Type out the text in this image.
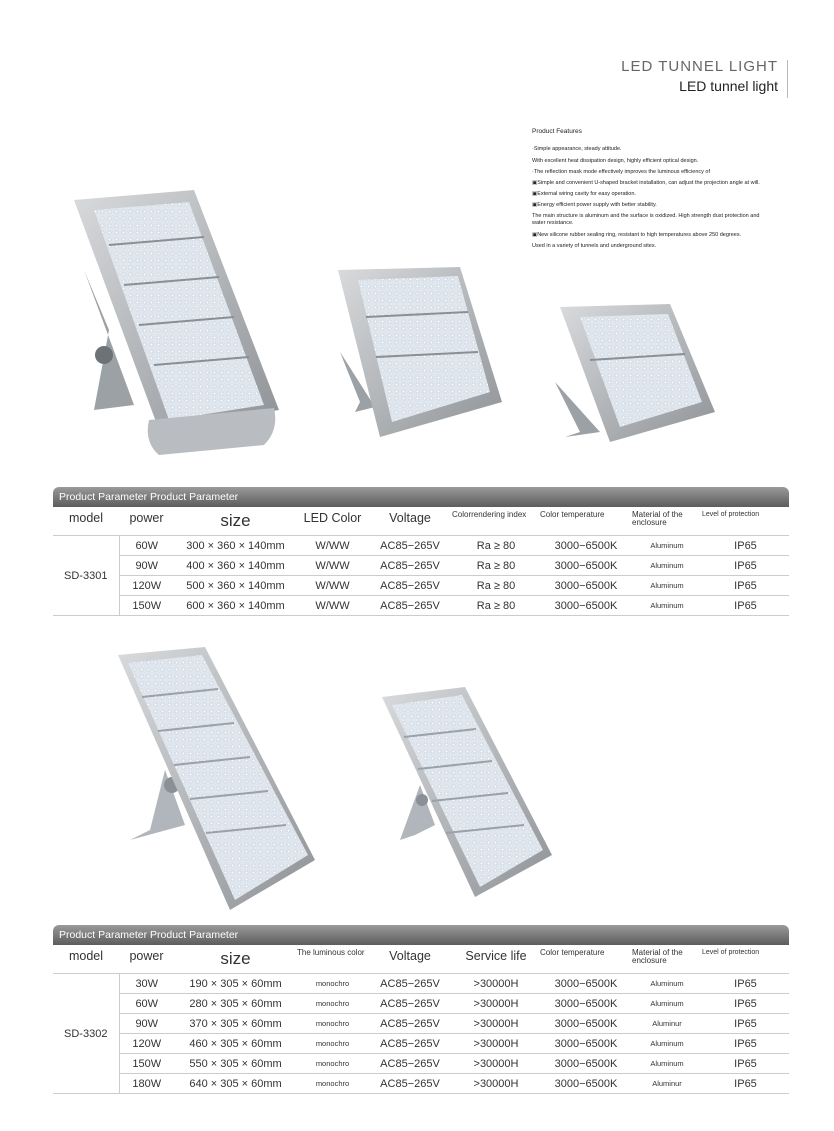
LED TUNNEL LIGHT
LED tunnel light
Product Features
·Simple appearance, steady attitude.
With excellent heat dissipation design, highly efficient optical design.
·The reflection mask mode effectively improves the luminous efficiency of
▣Simple and convenient U-shaped bracket installation, can adjust the projection angle at will.
▣External wiring cavity for easy operation.
▣Energy efficient power supply with better stability.
The main structure is aluminum and the surface is oxidized. High strength dust protection and water resistance.
▣New silicone rubber sealing ring, resistant to high temperatures above 250 degrees.
Used in a variety of tunnels and underground sites.
Product Parameter Product Parameter
model	power	size	LED Color	Voltage	Colorrendering index	Color temperature	Material of the enclosure	Level of protection
SD-3301	60W	300 × 360 × 140mm	W/WW	AC85−265V	Ra ≥ 80	3000−6500K	Aluminum	IP65
	90W	400 × 360 × 140mm	W/WW	AC85−265V	Ra ≥ 80	3000−6500K	Aluminum	IP65
	120W	500 × 360 × 140mm	W/WW	AC85−265V	Ra ≥ 80	3000−6500K	Aluminum	IP65
	150W	600 × 360 × 140mm	W/WW	AC85−265V	Ra ≥ 80	3000−6500K	Aluminum	IP65
Product Parameter Product Parameter
model	power	size	The luminous color	Voltage	Service life	Color temperature	Material of the enclosure	Level of protection
SD-3302	30W	190 × 305 × 60mm	monochro	AC85−265V	>30000H	3000−6500K	Aluminum	IP65
	60W	280 × 305 × 60mm	monochro	AC85−265V	>30000H	3000−6500K	Aluminum	IP65
	90W	370 × 305 × 60mm	monochro	AC85−265V	>30000H	3000−6500K	Aluminur	IP65
	120W	460 × 305 × 60mm	monochro	AC85−265V	>30000H	3000−6500K	Aluminum	IP65
	150W	550 × 305 × 60mm	monochro	AC85−265V	>30000H	3000−6500K	Aluminum	IP65
	180W	640 × 305 × 60mm	monochro	AC85−265V	>30000H	3000−6500K	Aluminur	IP65
